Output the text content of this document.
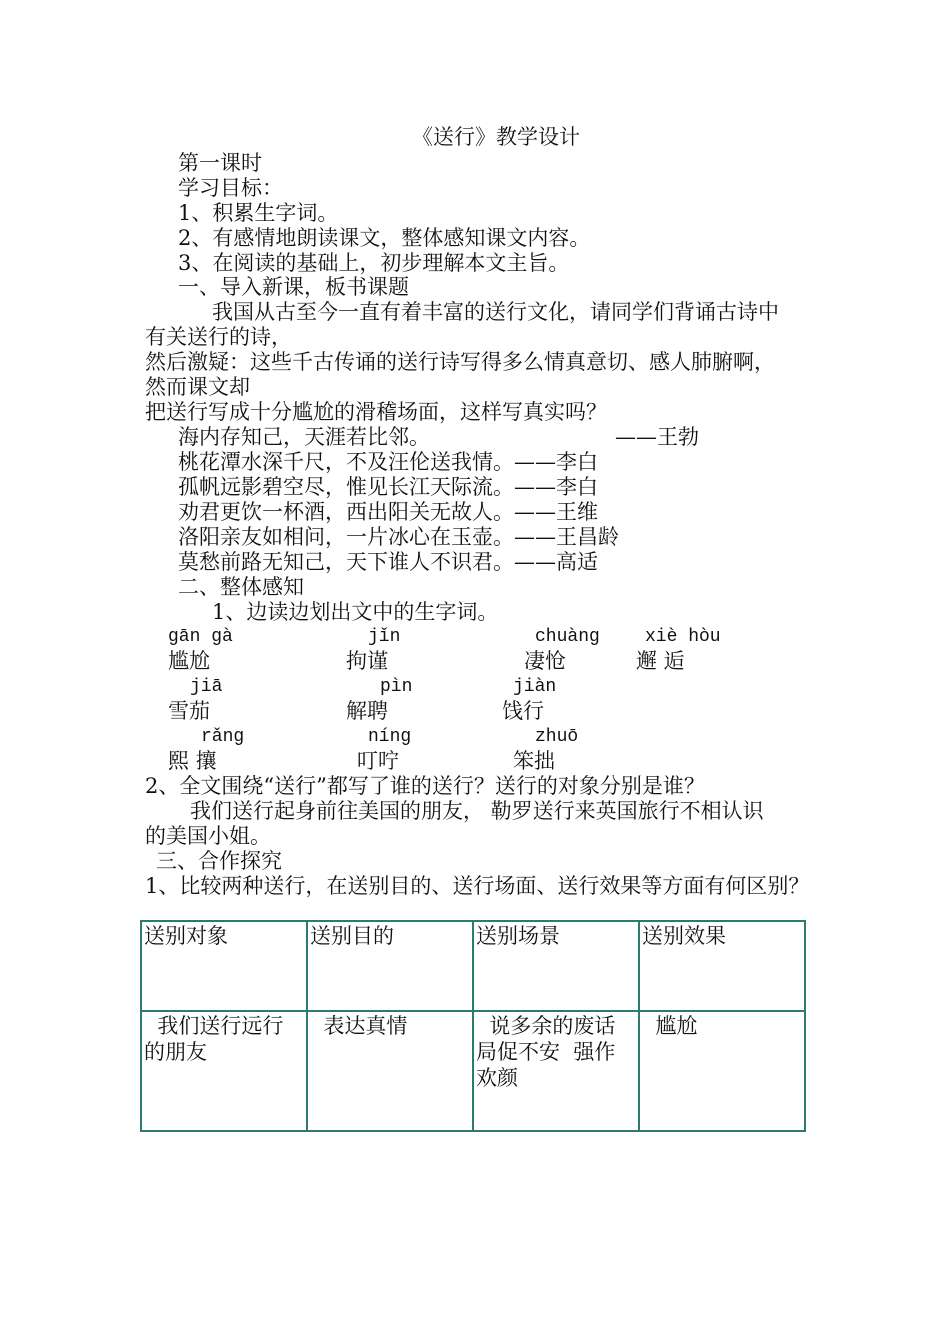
《送行》教学设计
第一课时
学习目标：
1、积累生字词。
2、有感情地朗读课文，整体感知课文内容。
3、在阅读的基础上，初步理解本文主旨。
一、导入新课，板书课题
我国从古至今一直有着丰富的送行文化，请同学们背诵古诗中
有关送行的诗，
然后激疑：这些千古传诵的送行诗写得多么情真意切、感人肺腑啊，
然而课文却
把送行写成十分尴尬的滑稽场面，这样写真实吗？
海内存知己，天涯若比邻。	——王勃
桃花潭水深千尺，不及汪伦送我情。——李白
孤帆远影碧空尽，惟见长江天际流。——李白
劝君更饮一杯酒，西出阳关无故人。——王维
洛阳亲友如相问，一片冰心在玉壶。——王昌龄
莫愁前路无知己，天下谁人不识君。——高适
二、整体感知
1、边读边划出文中的生字词。
gān gà	jǐn	chuàng	xiè hòu
尴尬	拘谨	凄怆	邂 逅
jiā	pìn	jiàn
雪茄	解聘	饯行
rǎng	níng	zhuō
熙 攘	叮咛	笨拙
2、全文围绕“送行”都写了谁的送行？送行的对象分别是谁？
我们送行起身前往美国的朋友， 勒罗送行来英国旅行不相认识
的美国小姐。
三、合作探究
1、比较两种送行，在送别目的、送行场面、送行效果等方面有何区别？
送别对象	送别目的	送别场景	送别效果

我们送行远行的朋友	表达真情	说多余的废话局促不安  强作欢颜	尴尬
